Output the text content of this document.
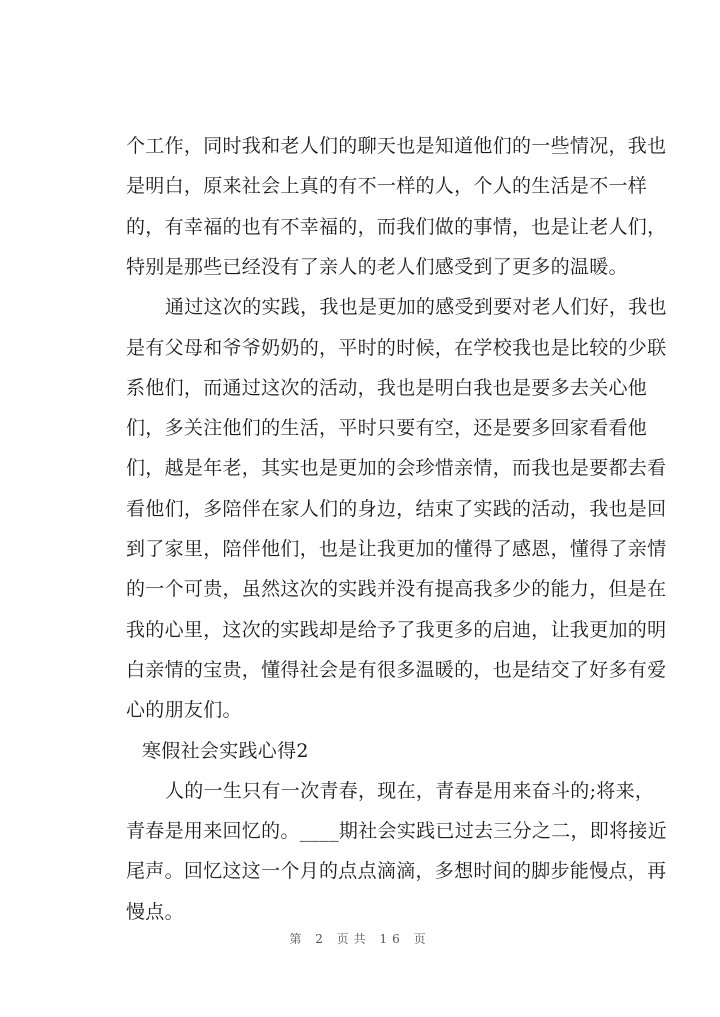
个工作，同时我和老人们的聊天也是知道他们的一些情况，我也
是明白，原来社会上真的有不一样的人，个人的生活是不一样
的，有幸福的也有不幸福的，而我们做的事情，也是让老人们，
特别是那些已经没有了亲人的老人们感受到了更多的温暖。
通过这次的实践，我也是更加的感受到要对老人们好，我也
是有父母和爷爷奶奶的，平时的时候，在学校我也是比较的少联
系他们，而通过这次的活动，我也是明白我也是要多去关心他
们，多关注他们的生活，平时只要有空，还是要多回家看看他
们，越是年老，其实也是更加的会珍惜亲情，而我也是要都去看
看他们，多陪伴在家人们的身边，结束了实践的活动，我也是回
到了家里，陪伴他们，也是让我更加的懂得了感恩，懂得了亲情
的一个可贵，虽然这次的实践并没有提高我多少的能力，但是在
我的心里，这次的实践却是给予了我更多的启迪，让我更加的明
白亲情的宝贵，懂得社会是有很多温暖的，也是结交了好多有爱
心的朋友们。
寒假社会实践心得2
人的一生只有一次青春，现在，青春是用来奋斗的;将来，
青春是用来回忆的。____期社会实践已过去三分之二，即将接近
尾声。回忆这这一个月的点点滴滴，多想时间的脚步能慢点，再
慢点。
第 2 页共 16 页
